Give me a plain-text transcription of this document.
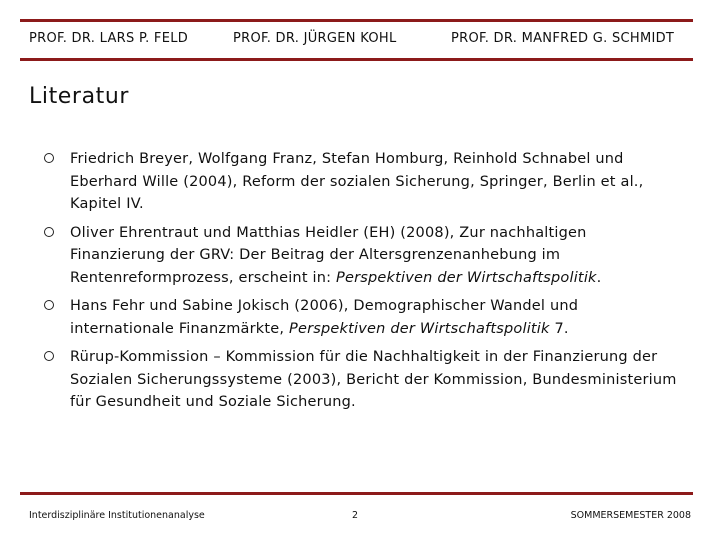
PROF. DR. LARS P. FELD	PROF. DR. JÜRGEN KOHL	PROF. DR. MANFRED G. SCHMIDT
Literatur
Friedrich Breyer, Wolfgang Franz, Stefan Homburg, Reinhold Schnabel und Eberhard Wille (2004), Reform der sozialen Sicherung, Springer, Berlin et al., Kapitel IV.
Oliver Ehrentraut und Matthias Heidler (EH) (2008), Zur nachhaltigen Finanzierung der GRV: Der Beitrag der Altersgrenzenanhebung im Rentenreformprozess, erscheint in: Perspektiven der Wirtschaftspolitik.
Hans Fehr und Sabine Jokisch (2006), Demographischer Wandel und internationale Finanzmärkte, Perspektiven der Wirtschaftspolitik 7.
Rürup-Kommission – Kommission für die Nachhaltigkeit in der Finanzierung der Sozialen Sicherungssysteme (2003), Bericht der Kommission, Bundesministerium für Gesundheit und Soziale Sicherung.
Interdisziplinäre Institutionenanalyse	2	SOMMERSEMESTER 2008
